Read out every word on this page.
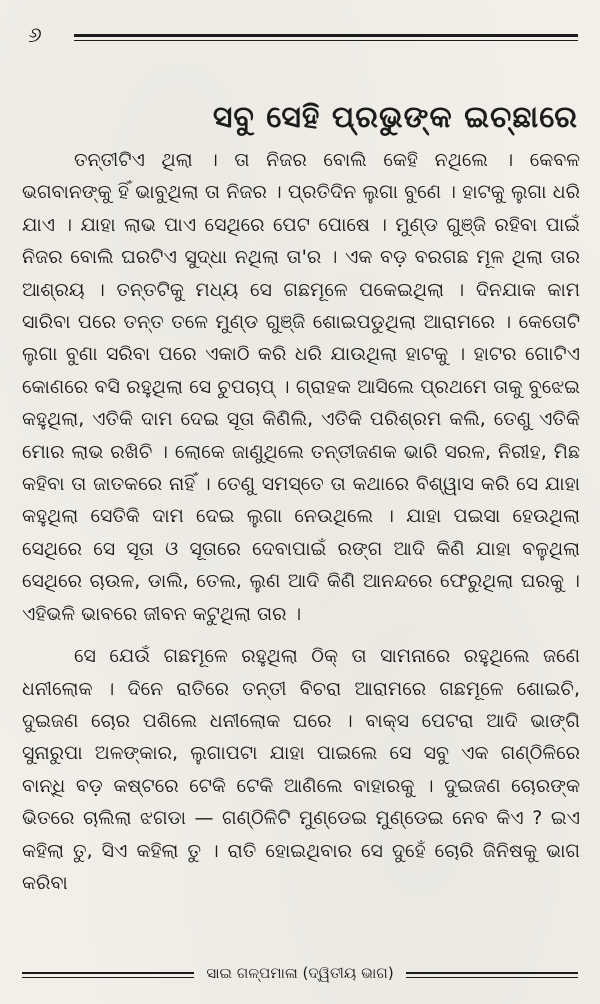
୬
ସବୁ ସେହି ପ୍ରଭୁଙ୍କ ଇଚ୍ଛାରେ

ତନ୍ତୀଟିଏ ଥିଲା । ତା ନିଜର ବୋଲି କେହି ନଥିଲେ । କେବଳ ଭଗବାନଙ୍କୁ ହିଁ ଭାବୁଥିଲା ତା ନିଜର । ପ୍ରତିଦିନ ଲୁଗା ବୁଣେ । ହାଟକୁ ଲୁଗା ଧରି ଯାଏ । ଯାହା ଲାଭ ପାଏ ସେଥିରେ ପେଟ ପୋଷେ । ମୁଣ୍ଡ ଗୁଞ୍ଜି ରହିବା ପାଇଁ ନିଜର ବୋଲି ଘରଟିଏ ସୁଦ୍ଧା ନଥିଲା ତା'ର । ଏକ ବଡ଼ ବରଗଛ ମୂଳ ଥିଲା ତାର ଆଶ୍ରୟ । ତନ୍ତଟିକୁ ମଧ୍ୟ ସେ ଗଛମୂଳେ ପକେଇଥିଲା । ଦିନଯାକ କାମ ସାରିବା ପରେ ତନ୍ତ ତଳେ ମୁଣ୍ଡ ଗୁଞ୍ଜି ଶୋଇପଡୁଥିଲା ଆରାମରେ । କେତୋଟି ଲୁଗା ବୁଣା ସରିବା ପରେ ଏକାଠି କରି ଧରି ଯାଉଥିଲା ହାଟକୁ । ହାଟର ଗୋଟିଏ କୋଣରେ ବସି ରହୁଥିଲା ସେ ଚୁପଚାପ୍ । ଗ୍ରାହକ ଆସିଲେ ପ୍ରଥମେ ତାକୁ ବୁଝେଇ କହୁଥିଲା, ଏତିକି ଦାମ ଦେଇ ସୂତା କିଣିଲି, ଏତିକି ପରିଶ୍ରମ କଲି, ତେଣୁ ଏତିକି ମୋର ଲାଭ ରଖିଚି । ଲୋକେ ଜାଣୁଥିଲେ ତନ୍ତୀଜଣକ ଭାରି ସରଳ, ନିରୀହ, ମିଛ କହିବା ତା ଜାତକରେ ନାହିଁ । ତେଣୁ ସମସ୍ତେ ତା କଥାରେ ବିଶ୍ୱାସ କରି ସେ ଯାହା କହୁଥିଲା ସେତିକି ଦାମ ଦେଇ ଲୁଗା ନେଉଥିଲେ । ଯାହା ପଇସା ହେଉଥିଲା ସେଥିରେ ସେ ସୂତା ଓ ସୂତାରେ ଦେବାପାଇଁ ରଙ୍ଗ ଆଦି କିଣି ଯାହା ବଳୁଥିଲା ସେଥିରେ ଚାଉଳ, ଡାଲି, ତେଲ, ଲୁଣ ଆଦି କିଣି ଆନନ୍ଦରେ ଫେରୁଥିଲା ଘରକୁ । ଏହିଭଳି ଭାବରେ ଜୀବନ କଟୁଥିଲା ତାର ।

ସେ ଯେଉଁ ଗଛମୂଳେ ରହୁଥିଲା ଠିକ୍ ତା ସାମନାରେ ରହୁଥିଲେ ଜଣେ ଧନୀଲୋକ । ଦିନେ ରାତିରେ ତନ୍ତୀ ବିଚରା ଆରାମରେ ଗଛମୂଳେ ଶୋଇଚି, ଦୁଇଜଣ ଚୋର ପଶିଲେ ଧନୀଲୋକ ଘରେ । ବାକ୍ସ ପେଟରା ଆଦି ଭାଙ୍ଗି ସୁନାରୁପା ଅଳଙ୍କାର, ଲୁଗାପଟା ଯାହା ପାଇଲେ ସେ ସବୁ ଏକ ଗଣ୍ଠିଳିରେ ବାନ୍ଧି ବଡ଼ କଷ୍ଟରେ ଟେକି ଟେକି ଆଣିଲେ ବାହାରକୁ । ଦୁଇଜଣ ଚୋରଙ୍କ ଭିତରେ ଚାଲିଲା ଝଗଡା — ଗଣ୍ଠିଳିଟି ମୁଣ୍ଡେଇ ମୁଣ୍ଡେଇ ନେବ କିଏ ? ଇଏ କହିଲା ତୁ, ସିଏ କହିଲା ତୁ । ରାତି ହୋଇଥିବାର ସେ ଦୁହେଁ ଚୋରି ଜିନିଷକୁ ଭାଗ କରିବା

ସାଇ ଗଳ୍ପମାଳା (ଦ୍ୱିତୀୟ ଭାଗ)
